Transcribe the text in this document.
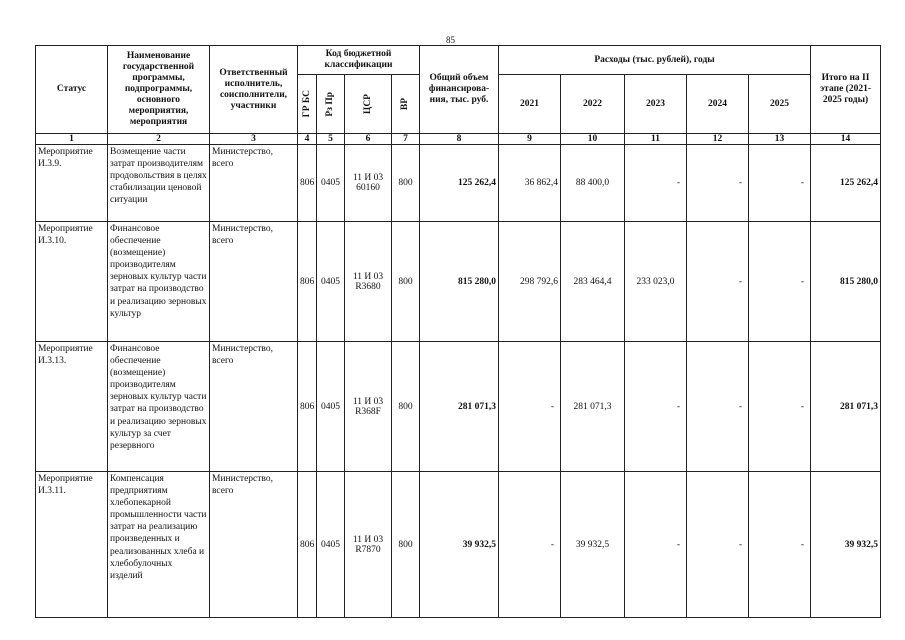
85
Статус	Наименование государственной программы, подпрограммы, основного мероприятия, мероприятия	Ответственный исполнитель, соисполнители, участники	Код бюджетной классификации				Общий объем финансирова-ния, тыс. руб.	Расходы (тыс. рублей), годы					Итого на II этапе (2021-2025 годы)

			ГР БС	Рз Пр	ЦСР	ВР		2021	2022	2023	2024	2025	
1	2	3	4	5	6	7	8	9	10	11	12	13	14
Мероприятие И.3.9.	Возмещение части затрат производителям продовольствия в целях стабилизации ценовой ситуации	Министерство, всего	806	0405	11 И 03 60160	800	125 262,4	36 862,4	88 400,0	-	-	-	125 262,4
Мероприятие И.3.10.	Финансовое обеспечение (возмещение) производителям зерновых культур части затрат на производство и реализацию зерновых культур	Министерство, всего	806	0405	11 И 03 R3680	800	815 280,0	298 792,6	283 464,4	233 023,0	-	-	815 280,0
Мероприятие И.3.13.	Финансовое обеспечение (возмещение) производителям зерновых культур части затрат на производство и реализацию зерновых культур за счет резервного	Министерство, всего	806	0405	11 И 03 R368F	800	281 071,3	-	281 071,3	-	-	-	281 071,3
Мероприятие И.3.11.	Компенсация предприятиям хлебопекарной промышленности части затрат на реализацию произведенных и реализованных хлеба и хлебобулочных изделий	Министерство, всего	806	0405	11 И 03 R7870	800	39 932,5	-	39 932,5	-	-	-	39 932,5
